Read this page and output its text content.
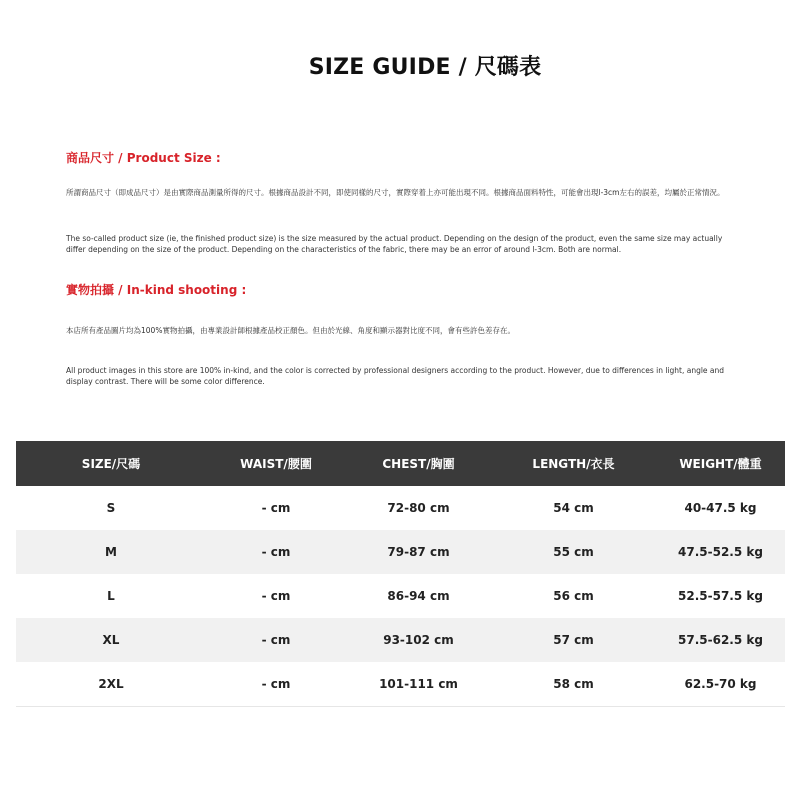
SIZE GUIDE / 尺碼表
商品尺寸 / Product Size :
所謂商品尺寸（即成品尺寸）是由實際商品測量所得的尺寸。根據商品設計不同，即使同樣的尺寸，實際穿着上亦可能出現不同。根據商品面料特性，可能會出現l-3cm左右的誤差，均屬於正常情況。
The so-called product size (ie, the finished product size) is the size measured by the actual product. Depending on the design of the product, even the same size may actually differ depending on the size of the product. Depending on the characteristics of the fabric, there may be an error of around l-3cm. Both are normal.
實物拍攝 / In-kind shooting :
本店所有產品圖片均為100%實物拍攝，由專業設計師根據產品校正顏色。但由於光線、角度和顯示器對比度不同，會有些許色差存在。
All product images in this store are 100% in-kind, and the color is corrected by professional designers according to the product. However, due to differences in light, angle and display contrast. There will be some color difference.
SIZE/尺碼	WAIST/腰圍	CHEST/胸圍	LENGTH/衣長	WEIGHT/體重
S	- cm	72-80 cm	54 cm	40-47.5 kg
M	- cm	79-87 cm	55 cm	47.5-52.5 kg
L	- cm	86-94 cm	56 cm	52.5-57.5 kg
XL	- cm	93-102 cm	57 cm	57.5-62.5 kg
2XL	- cm	101-111 cm	58 cm	62.5-70 kg
